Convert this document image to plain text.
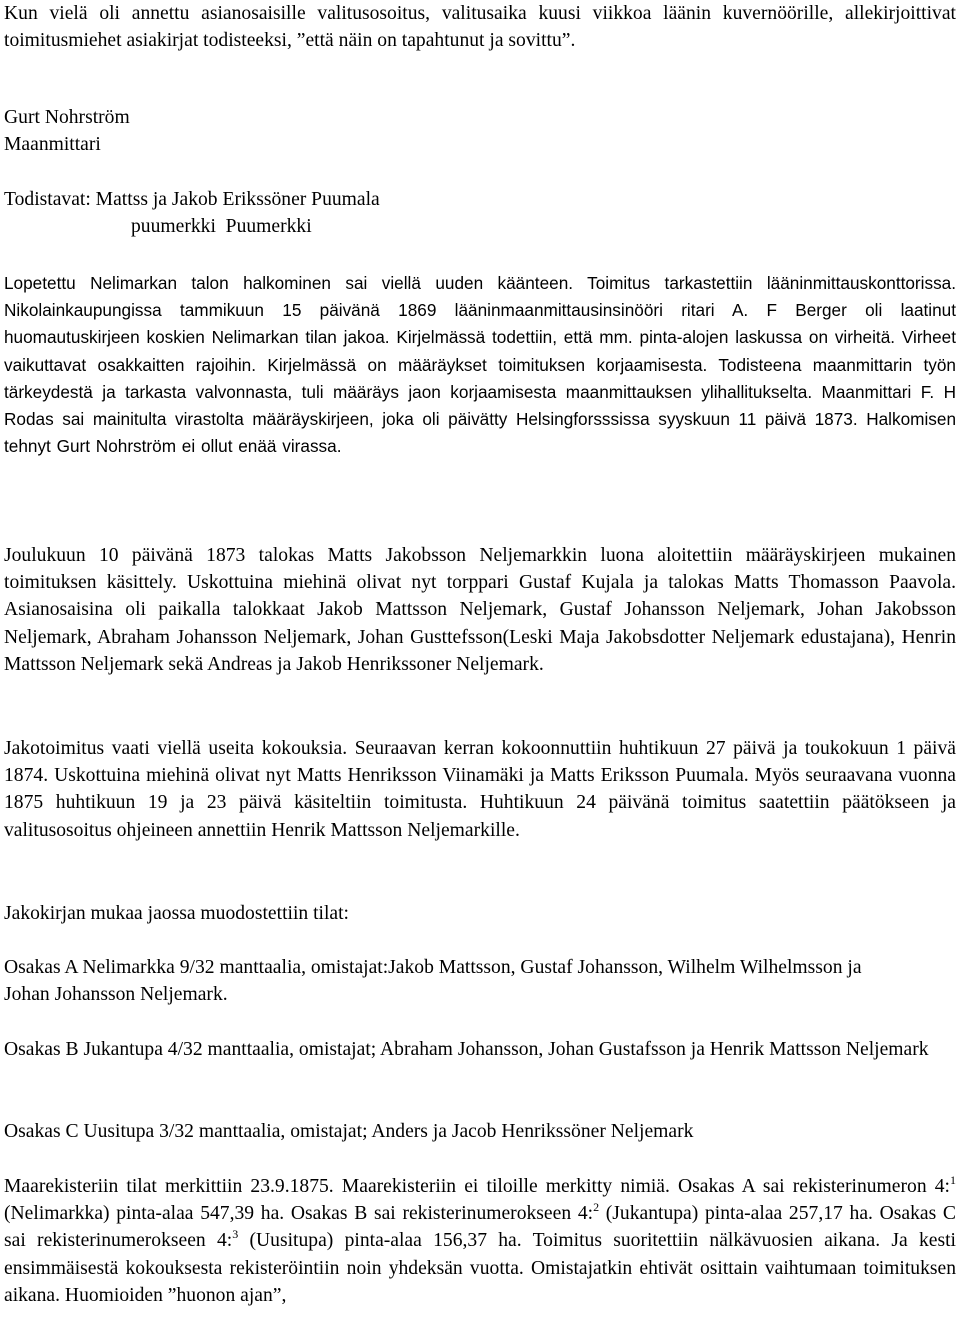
Kun vielä oli annettu asianosaisille valitusosoitus, valitusaika kuusi viikkoa läänin kuvernöörille, allekirjoittivat toimitusmiehet asiakirjat todisteeksi, ”että näin on tapahtunut ja sovittu”.

Gurt Nohrström

Maanmittari

Todistavat: Mattss ja Jakob Erikssöner Puumala

puumerkki  Puumerkki

Lopetettu Nelimarkan talon halkominen sai viellä uuden käänteen. Toimitus tarkastettiin lääninmittauskonttorissa. Nikolainkaupungissa tammikuun 15 päivänä 1869 lääninmaanmittausinsinööri ritari A. F Berger oli laatinut huomautuskirjeen koskien Nelimarkan tilan jakoa. Kirjelmässä todettiin, että mm. pinta-alojen laskussa on virheitä. Virheet vaikuttavat osakkaitten rajoihin. Kirjelmässä on määräykset toimituksen korjaamisesta. Todisteena maanmittarin työn tärkeydestä ja tarkasta valvonnasta, tuli määräys jaon korjaamisesta maanmittauksen ylihallitukselta. Maanmittari F. H Rodas sai mainitulta virastolta määräyskirjeen, joka oli päivätty Helsingforsssissa syyskuun 11 päivä 1873. Halkomisen tehnyt Gurt Nohrström ei ollut enää virassa.

Joulukuun 10 päivänä 1873 talokas Matts Jakobsson Neljemarkkin luona aloitettiin määräyskirjeen mukainen toimituksen käsittely. Uskottuina miehinä olivat nyt torppari Gustaf Kujala ja talokas Matts Thomasson Paavola. Asianosaisina oli paikalla talokkaat Jakob Mattsson Neljemark, Gustaf Johansson Neljemark, Johan Jakobsson Neljemark, Abraham Johansson Neljemark, Johan Gusttefsson(Leski Maja Jakobsdotter Neljemark edustajana), Henrin Mattsson Neljemark sekä Andreas ja Jakob Henrikssoner Neljemark.

Jakotoimitus vaati viellä useita kokouksia. Seuraavan kerran kokoonnuttiin huhtikuun 27 päivä ja toukokuun 1 päivä 1874. Uskottuina miehinä olivat nyt Matts Henriksson Viinamäki ja Matts Eriksson Puumala. Myös seuraavana vuonna 1875 huhtikuun 19 ja 23 päivä käsiteltiin toimitusta. Huhtikuun 24 päivänä toimitus saatettiin päätökseen ja valitusosoitus ohjeineen annettiin Henrik Mattsson Neljemarkille.

Jakokirjan mukaa jaossa muodostettiin tilat:

Osakas A Nelimarkka 9/32 manttaalia, omistajat:Jakob Mattsson, Gustaf Johansson, Wilhelm Wilhelmsson ja Johan Johansson Neljemark.

Osakas B Jukantupa 4/32 manttaalia, omistajat; Abraham Johansson, Johan Gustafsson ja Henrik Mattsson Neljemark

Osakas C Uusitupa 3/32 manttaalia, omistajat; Anders ja Jacob Henrikssöner Neljemark

Maarekisteriin tilat merkittiin 23.9.1875. Maarekisteriin ei tiloille merkitty nimiä. Osakas A sai rekisterinumeron 4:$^1$ (Nelimarkka) pinta-alaa 547,39 ha. Osakas B sai rekisterinumerokseen 4:$^2$ (Jukantupa) pinta-alaa 257,17 ha. Osakas C sai rekisterinumerokseen 4:$^3$ (Uusitupa) pinta-alaa 156,37 ha. Toimitus suoritettiin nälkävuosien aikana. Ja kesti ensimmäisestä kokouksesta rekisteröintiin noin yhdeksän vuotta. Omistajatkin ehtivät osittain vaihtumaan toimituksen aikana. Huomioiden ”huonon ajan”,
